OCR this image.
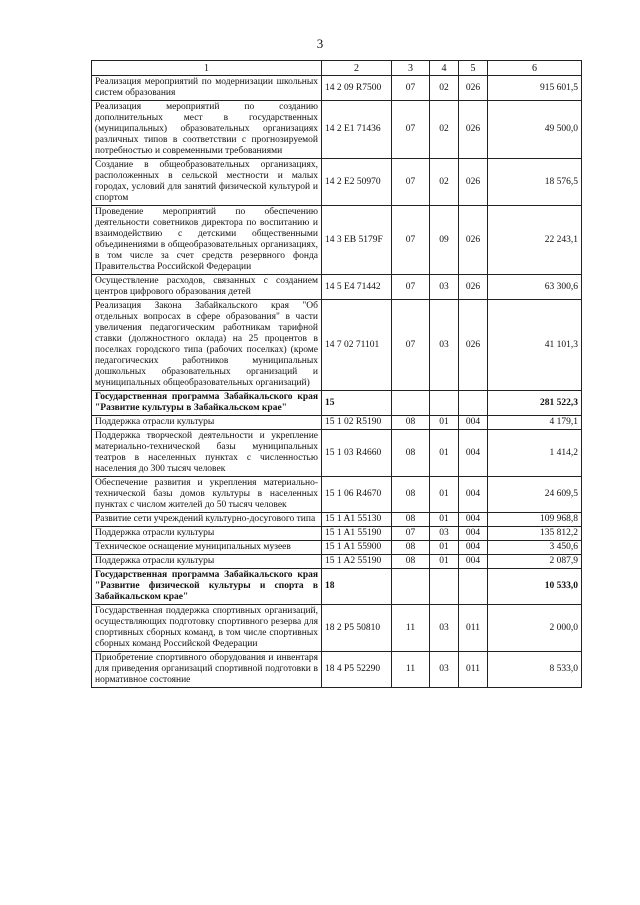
3
1	2	3	4	5	6
Реализация мероприятий по модернизации школьных систем образования	14 2 09 R7500	07	02	026	915 601,5
Реализация мероприятий по созданию дополнительных мест в государственных (муниципальных) образовательных организациях различных типов в соответствии с прогнозируемой потребностью и современными требованиями	14 2 E1 71436	07	02	026	49 500,0
Создание в общеобразовательных организациях, расположенных в сельской местности и малых городах, условий для занятий физической культурой и спортом	14 2 E2 50970	07	02	026	18 576,5
Проведение мероприятий по обеспечению деятельности советников директора по воспитанию и взаимодействию с детскими общественными объединениями в общеобразовательных организациях, в том числе за счет средств резервного фонда Правительства Российской Федерации	14 3 EВ 5179F	07	09	026	22 243,1
Осуществление расходов, связанных с созданием центров цифрового образования детей	14 5 E4 71442	07	03	026	63 300,6
Реализация Закона Забайкальского края "Об отдельных вопросах в сфере образования" в части увеличения педагогическим работникам тарифной ставки (должностного оклада) на 25 процентов в поселках городского типа (рабочих поселках) (кроме педагогических работников муниципальных дошкольных образовательных организаций и муниципальных общеобразовательных организаций)	14 7 02 71101	07	03	026	41 101,3
Государственная программа Забайкальского края "Развитие культуры в Забайкальском крае"	15				281 522,3
Поддержка отрасли культуры	15 1 02 R5190	08	01	004	4 179,1
Поддержка творческой деятельности и укрепление материально-технической базы муниципальных театров в населенных пунктах с численностью населения до 300 тысяч человек	15 1 03 R4660	08	01	004	1 414,2
Обеспечение развития и укрепления материально-технической базы домов культуры в населенных пунктах с числом жителей до 50 тысяч человек	15 1 06 R4670	08	01	004	24 609,5
Развитие сети учреждений культурно-досугового типа	15 1 A1 55130	08	01	004	109 968,8
Поддержка отрасли культуры	15 1 A1 55190	07	03	004	135 812,2
Техническое оснащение муниципальных музеев	15 1 A1 55900	08	01	004	3 450,6
Поддержка отрасли культуры	15 1 A2 55190	08	01	004	2 087,9
Государственная программа Забайкальского края "Развитие физической культуры и спорта в Забайкальском крае"	18				10 533,0
Государственная поддержка спортивных организаций, осуществляющих подготовку спортивного резерва для спортивных сборных команд, в том числе спортивных сборных команд Российской Федерации	18 2 P5 50810	11	03	011	2 000,0
Приобретение спортивного оборудования и инвентаря для приведения организаций спортивной подготовки в нормативное состояние	18 4 P5 52290	11	03	011	8 533,0
